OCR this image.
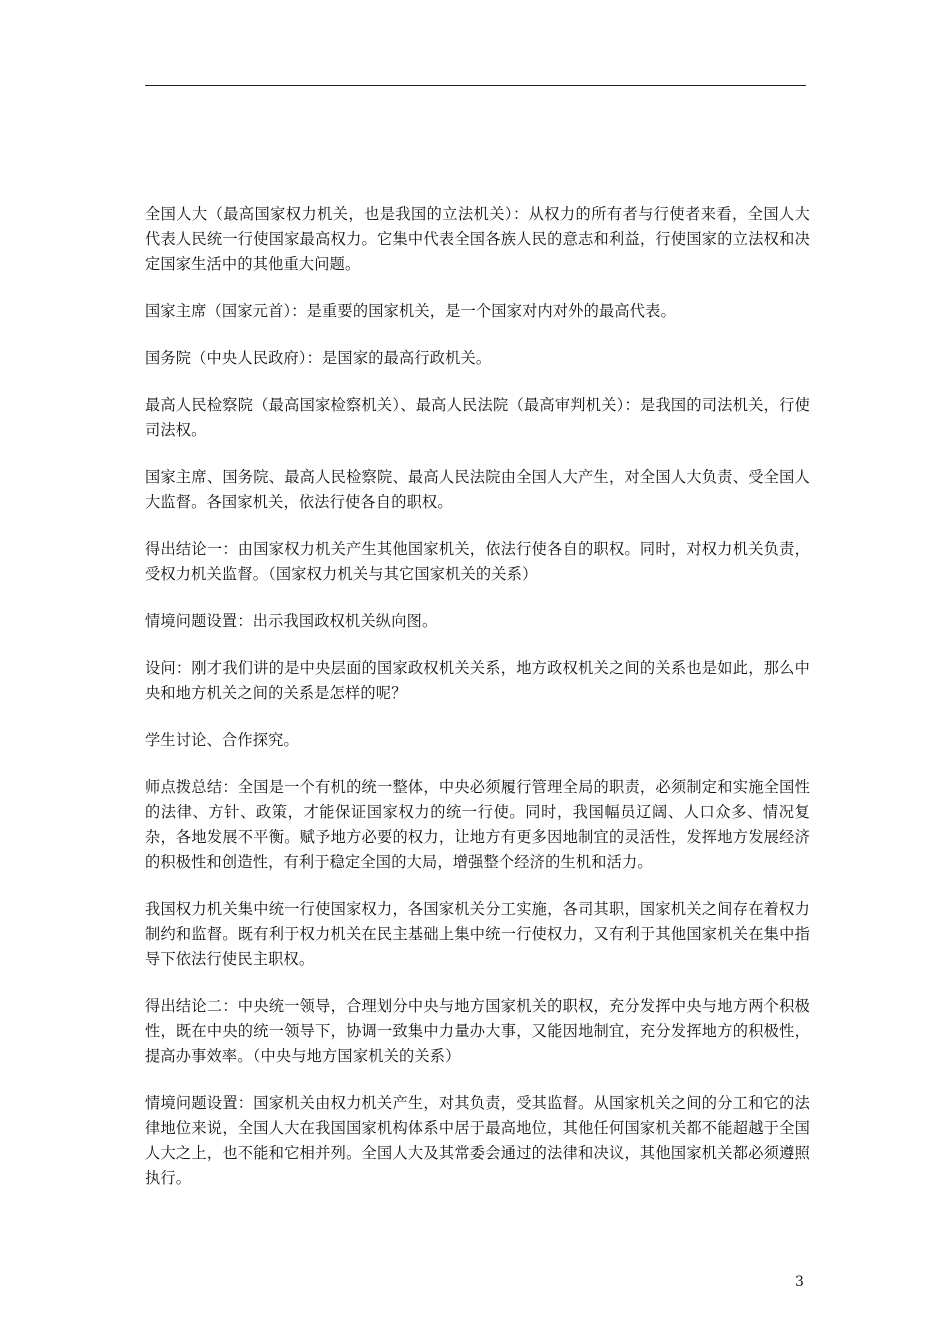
全国人大（最高国家权力机关，也是我国的立法机关）：从权力的所有者与行使者来看，全国人大代表人民统一行使国家最高权力。它集中代表全国各族人民的意志和利益，行使国家的立法权和决定国家生活中的其他重大问题。

国家主席（国家元首）：是重要的国家机关，是一个国家对内对外的最高代表。

国务院（中央人民政府）：是国家的最高行政机关。

最高人民检察院（最高国家检察机关）、最高人民法院（最高审判机关）：是我国的司法机关，行使司法权。

国家主席、国务院、最高人民检察院、最高人民法院由全国人大产生，对全国人大负责、受全国人大监督。各国家机关，依法行使各自的职权。

得出结论一：由国家权力机关产生其他国家机关，依法行使各自的职权。同时，对权力机关负责，受权力机关监督。（国家权力机关与其它国家机关的关系）

情境问题设置：出示我国政权机关纵向图。

设问：刚才我们讲的是中央层面的国家政权机关关系，地方政权机关之间的关系也是如此，那么中央和地方机关之间的关系是怎样的呢？

学生讨论、合作探究。

师点拨总结：全国是一个有机的统一整体，中央必须履行管理全局的职责，必须制定和实施全国性的法律、方针、政策，才能保证国家权力的统一行使。同时，我国幅员辽阔、人口众多、情况复杂，各地发展不平衡。赋予地方必要的权力，让地方有更多因地制宜的灵活性，发挥地方发展经济的积极性和创造性，有利于稳定全国的大局，增强整个经济的生机和活力。

我国权力机关集中统一行使国家权力，各国家机关分工实施，各司其职，国家机关之间存在着权力制约和监督。既有利于权力机关在民主基础上集中统一行使权力，又有利于其他国家机关在集中指导下依法行使民主职权。

得出结论二：中央统一领导，合理划分中央与地方国家机关的职权，充分发挥中央与地方两个积极性，既在中央的统一领导下，协调一致集中力量办大事，又能因地制宜，充分发挥地方的积极性，提高办事效率。（中央与地方国家机关的关系）

情境问题设置：国家机关由权力机关产生，对其负责，受其监督。从国家机关之间的分工和它的法律地位来说，全国人大在我国国家机构体系中居于最高地位，其他任何国家机关都不能超越于全国人大之上，也不能和它相并列。全国人大及其常委会通过的法律和决议，其他国家机关都必须遵照执行。

3
